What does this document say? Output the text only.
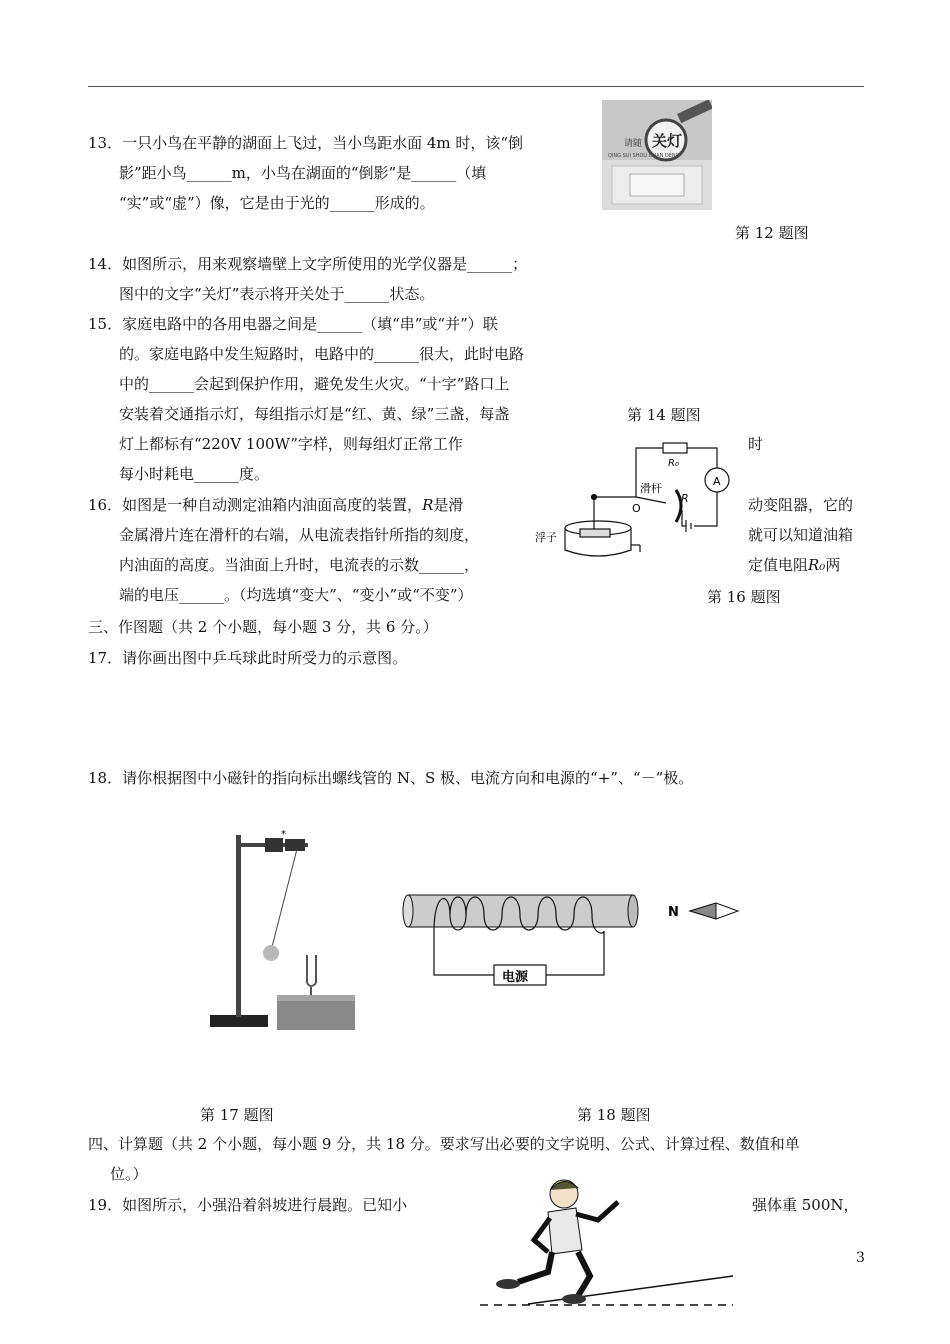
13．一只小鸟在平静的湖面上飞过，当小鸟距水面 4m 时，该“倒
影”距小鸟______m，小鸟在湖面的“倒影”是______（填
“实”或“虚”）像，它是由于光的______形成的。
请随 关灯
QING SUI SHOU GUAN DENG
第 12 题图
14．如图所示，用来观察墙壁上文字所使用的光学仪器是______；
图中的文字“关灯”表示将开关处于______状态。
15．家庭电路中的各用电器之间是______（填“串”或“并”）联
的。家庭电路中发生短路时，电路中的______很大，此时电路
中的______会起到保护作用，避免发生火灾。“十字”路口上
安装着交通指示灯，每组指示灯是“红、黄、绿”三盏，每盏
灯上都标有“220V 100W”字样，则每组灯正常工作	时
每小时耗电______度。
第 14 题图
16．如图是一种自动测定油箱内油面高度的装置，R是滑	动变阻器，它的
金属滑片连在滑杆的右端，从电流表指针所指的刻度，	就可以知道油箱
内油面的高度。当油面上升时，电流表的示数______，	定值电阻R₀两
端的电压______。（均选填“变大”、“变小”或“不变”）
R₀
A
滑杆
R
O
浮子
第 16 题图
三、作图题（共 2 个小题，每小题 3 分，共 6 分。）
17．请你画出图中乒乓球此时所受力的示意图。
18．请你根据图中小磁针的指向标出螺线管的 N、S 极、电流方向和电源的“+”、“－”极。
*
电源
N
第 17 题图	第 18 题图
四、计算题（共 2 个小题，每小题 9 分，共 18 分。要求写出必要的文字说明、公式、计算过程、数值和单
位。）
19．如图所示，小强沿着斜坡进行晨跑。已知小	强体重 500N，
3
